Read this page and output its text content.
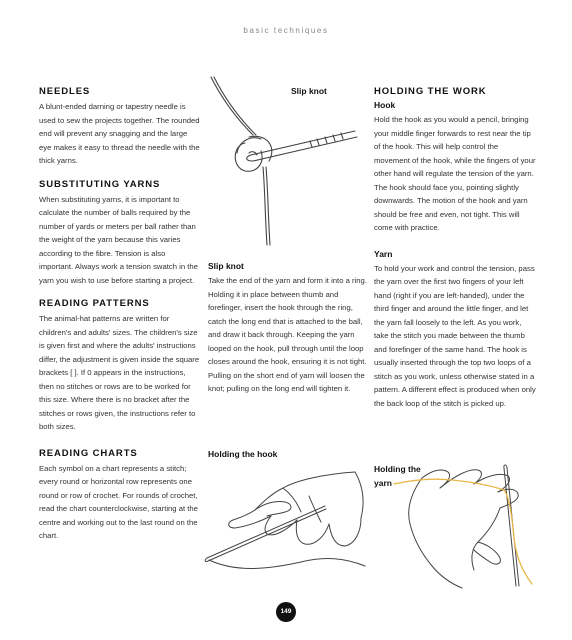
basic techniques
NEEDLES

A blunt-ended darning or tapestry needle is used to sew the projects together. The rounded end will prevent any snagging and the large eye makes it easy to thread the needle with the thick yarns.

SUBSTITUTING YARNS

When substituting yarns, it is important to calculate the number of balls required by the number of yards or meters per ball rather than the weight of the yarn because this varies according to the fibre. Tension is also important. Always work a tension swatch in the yarn you wish to use before starting a project.

READING PATTERNS

The animal-hat patterns are written for children's and adults' sizes. The children's size is given first and where the adults' instructions differ, the adjustment is given inside the square brackets [ ]. If 0 appears in the instructions, then no stitches or rows are to be worked for this size. Where there is no bracket after the stitches or rows given, the instructions refer to both sizes.

READING CHARTS

Each symbol on a chart represents a stitch; every round or horizontal row represents one round or row of crochet. For rounds of crochet, read the chart counterclockwise, starting at the centre and working out to the last round on the chart.

Slip knot
Slip knot

Take the end of the yarn and form it into a ring. Holding it in place between thumb and forefinger, insert the hook through the ring, catch the long end that is attached to the ball, and draw it back through. Keeping the yarn looped on the hook, pull through until the loop closes around the hook, ensuring it is not tight. Pulling on the short end of yarn will loosen the knot; pulling on the long end will tighten it.

Holding the hook
HOLDING THE WORK
Hook

Hold the hook as you would a pencil, bringing your middle finger forwards to rest near the tip of the hook. This will help control the movement of the hook, while the fingers of your other hand will regulate the tension of the yarn. The hook should face you, pointing slightly downwards. The motion of the hook and yarn should be free and even, not tight. This will come with practice.

Yarn

To hold your work and control the tension, pass the yarn over the first two fingers of your left hand (right if you are left-handed), under the third finger and around the little finger, and let the yarn fall loosely to the left. As you work, take the stitch you made between the thumb and forefinger of the same hand. The hook is usually inserted through the top two loops of a stitch as you work, unless otherwise stated in a pattern. A different effect is produced when only the back loop of the stitch is picked up.

Holding the
yarn
149
